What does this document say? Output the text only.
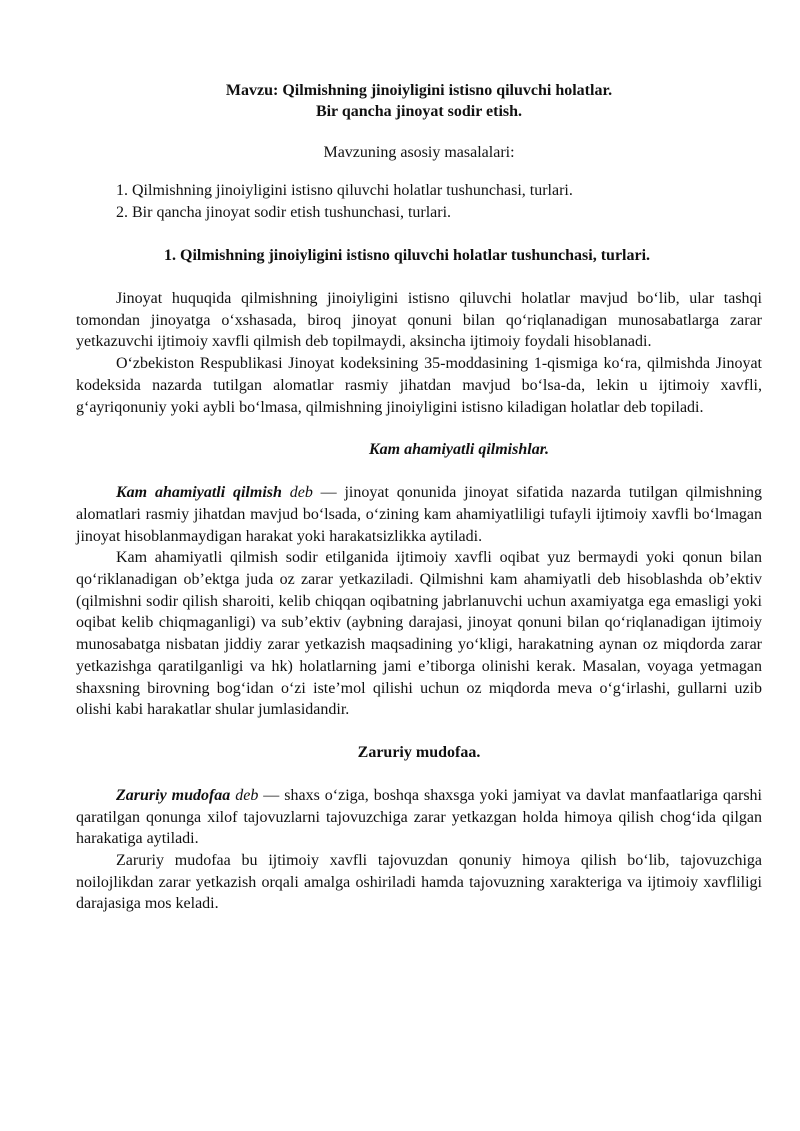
Mavzu: Qilmishning jinoiyligini istisno qiluvchi holatlar.
Bir qancha jinoyat sodir etish.
Mavzuning asosiy masalalari:
1. Qilmishning jinoiyligini istisno qiluvchi holatlar tushunchasi, turlari.
2. Bir qancha jinoyat sodir etish tushunchasi, turlari.
1. Qilmishning jinoiyligini istisno qiluvchi holatlar tushunchasi, turlari.

Jinoyat huquqida qilmishning jinoiyligini istisno qiluvchi holatlar mavjud bo‘lib, ular tashqi tomondan jinoyatga o‘xshasada, biroq jinoyat qonuni bilan qo‘riqlanadigan munosabatlarga zarar yetkazuvchi ijtimoiy xavfli qilmish deb topilmaydi, aksincha ijtimoiy foydali hisoblanadi.

O‘zbekiston Respublikasi Jinoyat kodeksining 35-moddasining 1-qismiga ko‘ra, qilmishda Jinoyat kodeksida nazarda tutilgan alomatlar rasmiy jihatdan mavjud bo‘lsa-da, lekin u ijtimoiy xavfli, g‘ayriqonuniy yoki aybli bo‘lmasa, qilmishning jinoiyligini istisno kiladigan holatlar deb topiladi.

Kam ahamiyatli qilmishlar.

Kam ahamiyatli qilmish deb — jinoyat qonunida jinoyat sifatida nazarda tutilgan qilmishning alomatlari rasmiy jihatdan mavjud bo‘lsada, o‘zining kam ahamiyatliligi tufayli ijtimoiy xavfli bo‘lmagan jinoyat hisoblanmaydigan harakat yoki harakatsizlikka aytiladi.

Kam ahamiyatli qilmish sodir etilganida ijtimoiy xavfli oqibat yuz bermaydi yoki qonun bilan qo‘riklanadigan ob’ektga juda oz zarar yetkaziladi. Qilmishni kam ahamiyatli deb hisoblashda ob’ektiv (qilmishni sodir qilish sharoiti, kelib chiqqan oqibatning jabrlanuvchi uchun axamiyatga ega emasligi yoki oqibat kelib chiqmaganligi) va sub’ektiv (aybning darajasi, jinoyat qonuni bilan qo‘riqlanadigan ijtimoiy munosabatga nisbatan jiddiy zarar yetkazish maqsadining yo‘kligi, harakatning aynan oz miqdorda zarar yetkazishga qaratilganligi va hk) holatlarning jami e’tiborga olinishi kerak. Masalan, voyaga yetmagan shaxsning birovning bog‘idan o‘zi iste’mol qilishi uchun oz miqdorda meva o‘g‘irlashi, gullarni uzib olishi kabi harakatlar shular jumlasidandir.

Zaruriy mudofaa.

Zaruriy mudofaa deb — shaxs o‘ziga, boshqa shaxsga yoki jamiyat va davlat manfaatlariga qarshi qaratilgan qonunga xilof tajovuzlarni tajovuzchiga zarar yetkazgan holda himoya qilish chog‘ida qilgan harakatiga aytiladi.

Zaruriy mudofaa bu ijtimoiy xavfli tajovuzdan qonuniy himoya qilish bo‘lib, tajovuzchiga noilojlikdan zarar yetkazish orqali amalga oshiriladi hamda tajovuzning xarakteriga va ijtimoiy xavfliligi darajasiga mos keladi.
